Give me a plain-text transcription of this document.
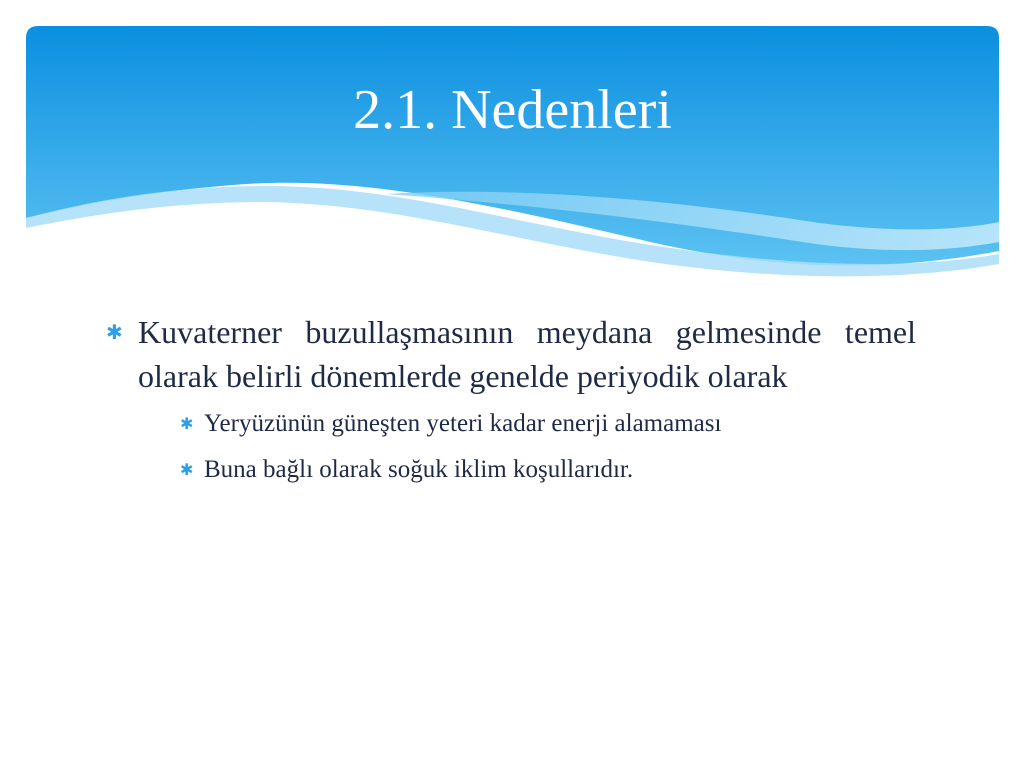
2.1. Nedenleri
✱ Kuvaterner buzullaşmasının meydana gelmesinde temel olarak belirli dönemlerde genelde periyodik olarak
✱ Yeryüzünün güneşten yeteri kadar enerji alamaması
✱ Buna bağlı olarak soğuk iklim koşullarıdır.
